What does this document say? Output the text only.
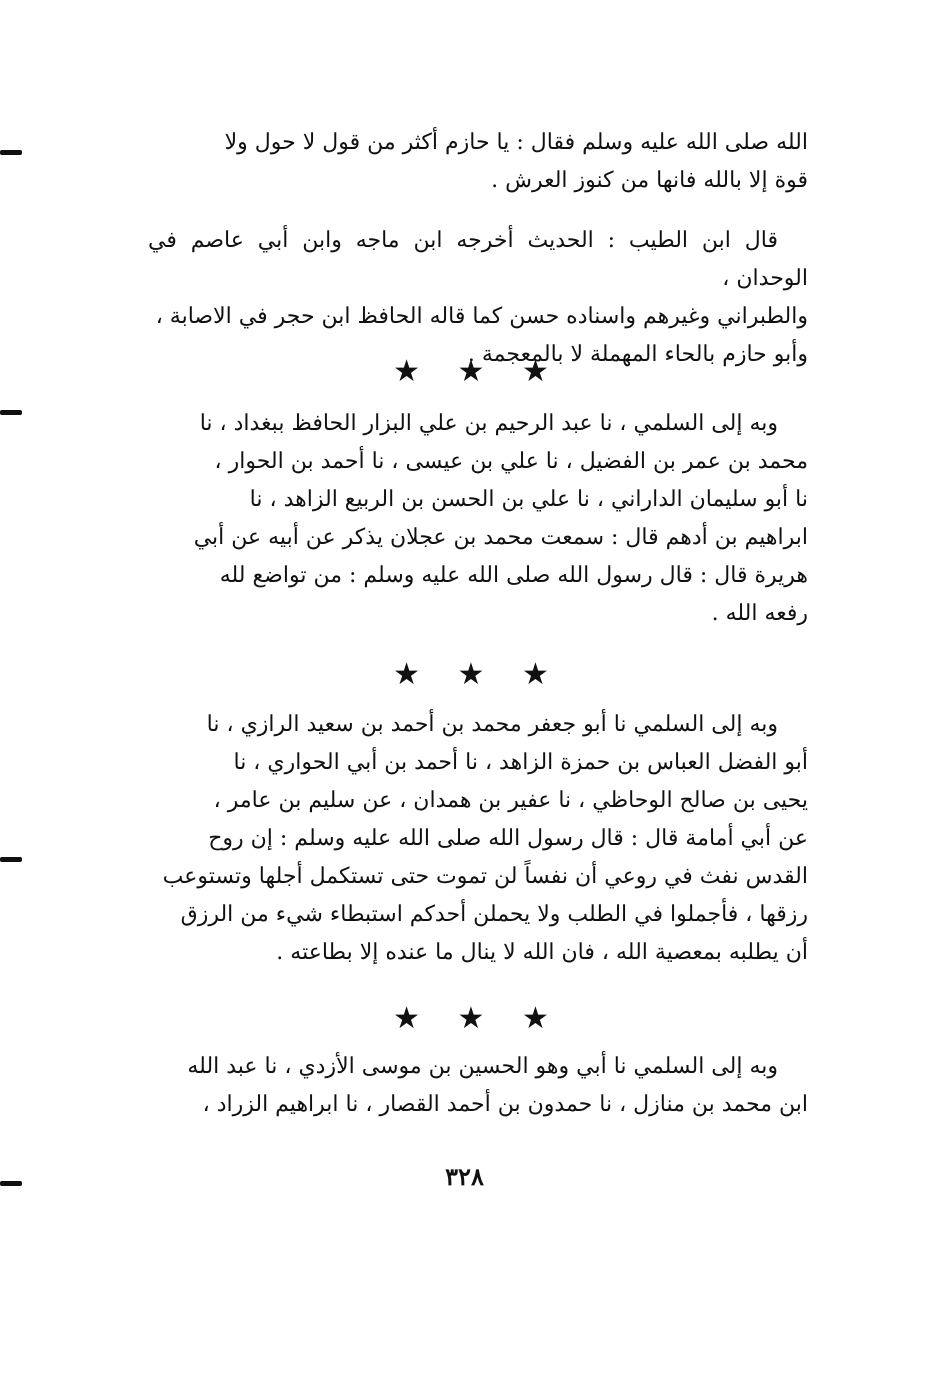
الله صلى الله عليه وسلم فقال : يا حازم أكثر من قول لا حول ولا

قوة إلا بالله فانها من كنوز العرش .

قال ابن الطيب : الحديث أخرجه ابن ماجه وابن أبي عاصم في الوحدان ،

والطبراني وغيرهم واسناده حسن كما قاله الحافظ ابن حجر في الاصابة ،

وأبو حازم بالحاء المهملة لا بالمعجمة .

★ ★ ★

وبه إلى السلمي ، نا عبد الرحيم بن علي البزار الحافظ ببغداد ، نا

محمد بن عمر بن الفضيل ، نا علي بن عيسى ، نا أحمد بن الحوار ،

نا أبو سليمان الداراني ، نا علي بن الحسن بن الربيع الزاهد ، نا

ابراهيم بن أدهم قال : سمعت محمد بن عجلان يذكر عن أبيه عن أبي

هريرة قال : قال رسول الله صلى الله عليه وسلم : من تواضع لله

رفعه الله .

★ ★ ★

وبه إلى السلمي نا أبو جعفر محمد بن أحمد بن سعيد الرازي ، نا

أبو الفضل العباس بن حمزة الزاهد ، نا أحمد بن أبي الحواري ، نا

يحيى بن صالح الوحاظي ، نا عفير بن همدان ، عن سليم بن عامر ،

عن أبي أمامة قال : قال رسول الله صلى الله عليه وسلم : إن روح

القدس نفث في روعي أن نفساً لن تموت حتى تستكمل أجلها وتستوعب

رزقها ، فأجملوا في الطلب ولا يحملن أحدكم استبطاء شيء من الرزق

أن يطلبه بمعصية الله ، فان الله لا ينال ما عنده إلا بطاعته .

★ ★ ★

وبه إلى السلمي نا أبي وهو الحسين بن موسى الأزدي ، نا عبد الله

ابن محمد بن منازل ، نا حمدون بن أحمد القصار ، نا ابراهيم الزراد ،

٣٢٨
